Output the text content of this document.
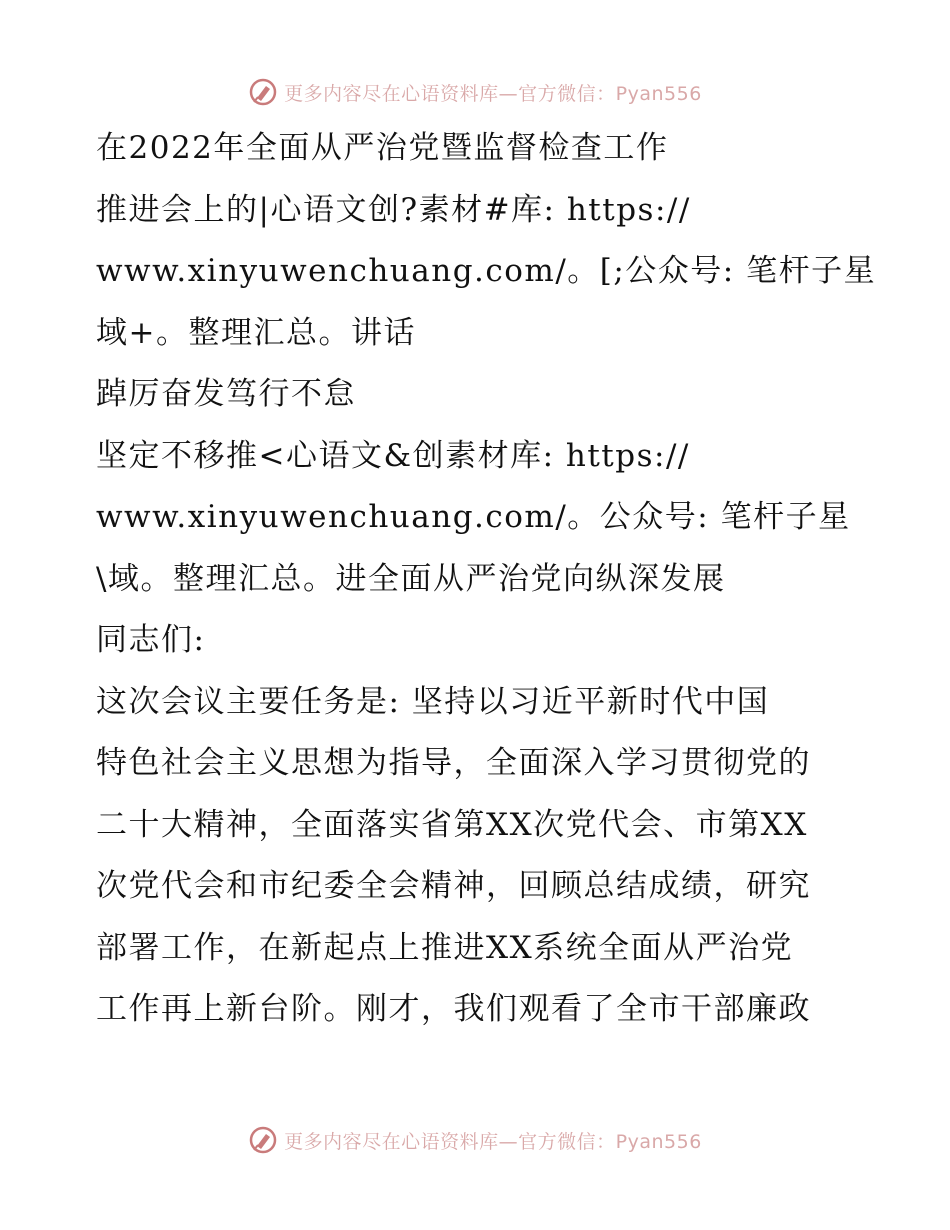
更多内容尽在心语资料库—官方微信：Pyan556
在2022年全面从严治党暨监督检查工作
推进会上的|心语文创?素材#库: https://
www.xinyuwenchuang.com/。[;公众号: 笔杆子星
域+。整理汇总。讲话
踔厉奋发笃行不怠
坚定不移推<心语文&创素材库: https://
www.xinyuwenchuang.com/。公众号: 笔杆子星
\域。整理汇总。进全面从严治党向纵深发展
同志们:
这次会议主要任务是: 坚持以习近平新时代中国
特色社会主义思想为指导，全面深入学习贯彻党的
二十大精神，全面落实省第XX次党代会、市第XX
次党代会和市纪委全会精神，回顾总结成绩，研究
部署工作，在新起点上推进XX系统全面从严治党
工作再上新台阶。刚才，我们观看了全市干部廉政
更多内容尽在心语资料库—官方微信：Pyan556
